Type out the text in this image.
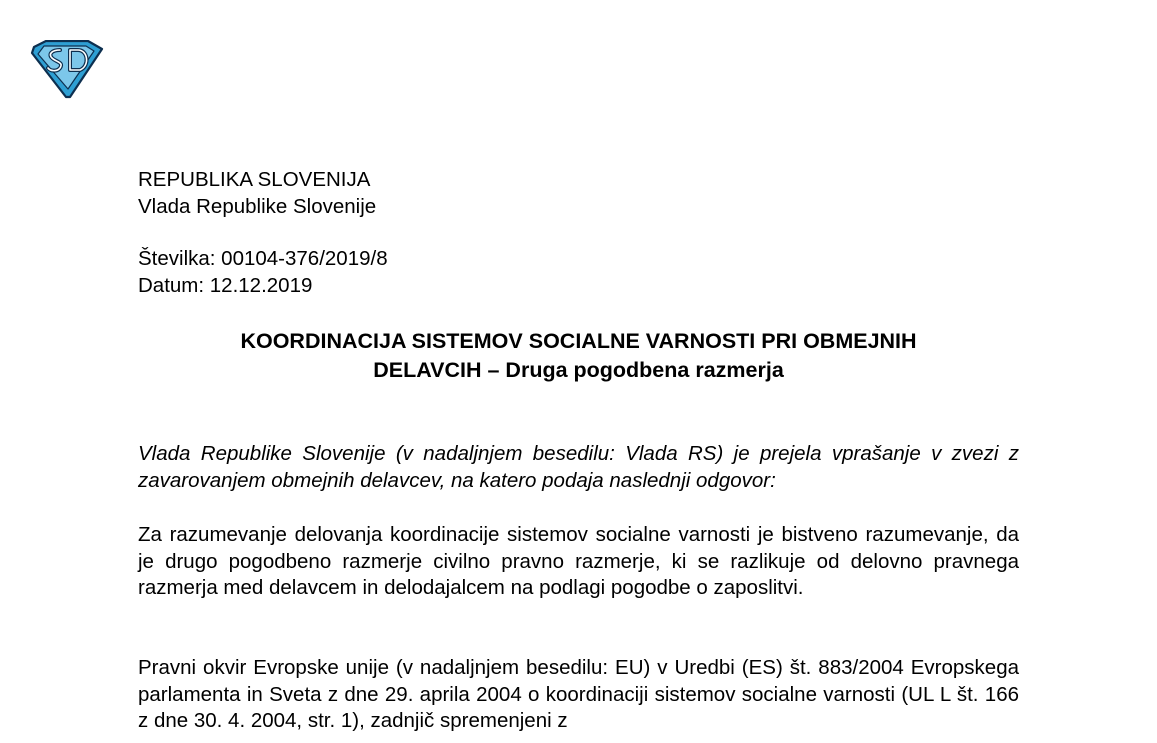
REPUBLIKA SLOVENIJA
Vlada Republike Slovenije
Številka: 00104-376/2019/8
Datum: 12.12.2019
KOORDINACIJA SISTEMOV SOCIALNE VARNOSTI PRI OBMEJNIH
DELAVCIH – Druga pogodbena razmerja
Vlada Republike Slovenije (v nadaljnjem besedilu: Vlada RS) je prejela vprašanje v zvezi z zavarovanjem obmejnih delavcev, na katero podaja naslednji odgovor:
Za razumevanje delovanja koordinacije sistemov socialne varnosti je bistveno razumevanje, da je drugo pogodbeno razmerje civilno pravno razmerje, ki se razlikuje od delovno pravnega razmerja med delavcem in delodajalcem na podlagi pogodbe o zaposlitvi.
Pravni okvir Evropske unije (v nadaljnjem besedilu: EU) v Uredbi (ES) št. 883/2004 Evropskega parlamenta in Sveta z dne 29. aprila 2004 o koordinaciji sistemov socialne varnosti (UL L št. 166 z dne 30. 4. 2004, str. 1), zadnjič spremenjeni z
